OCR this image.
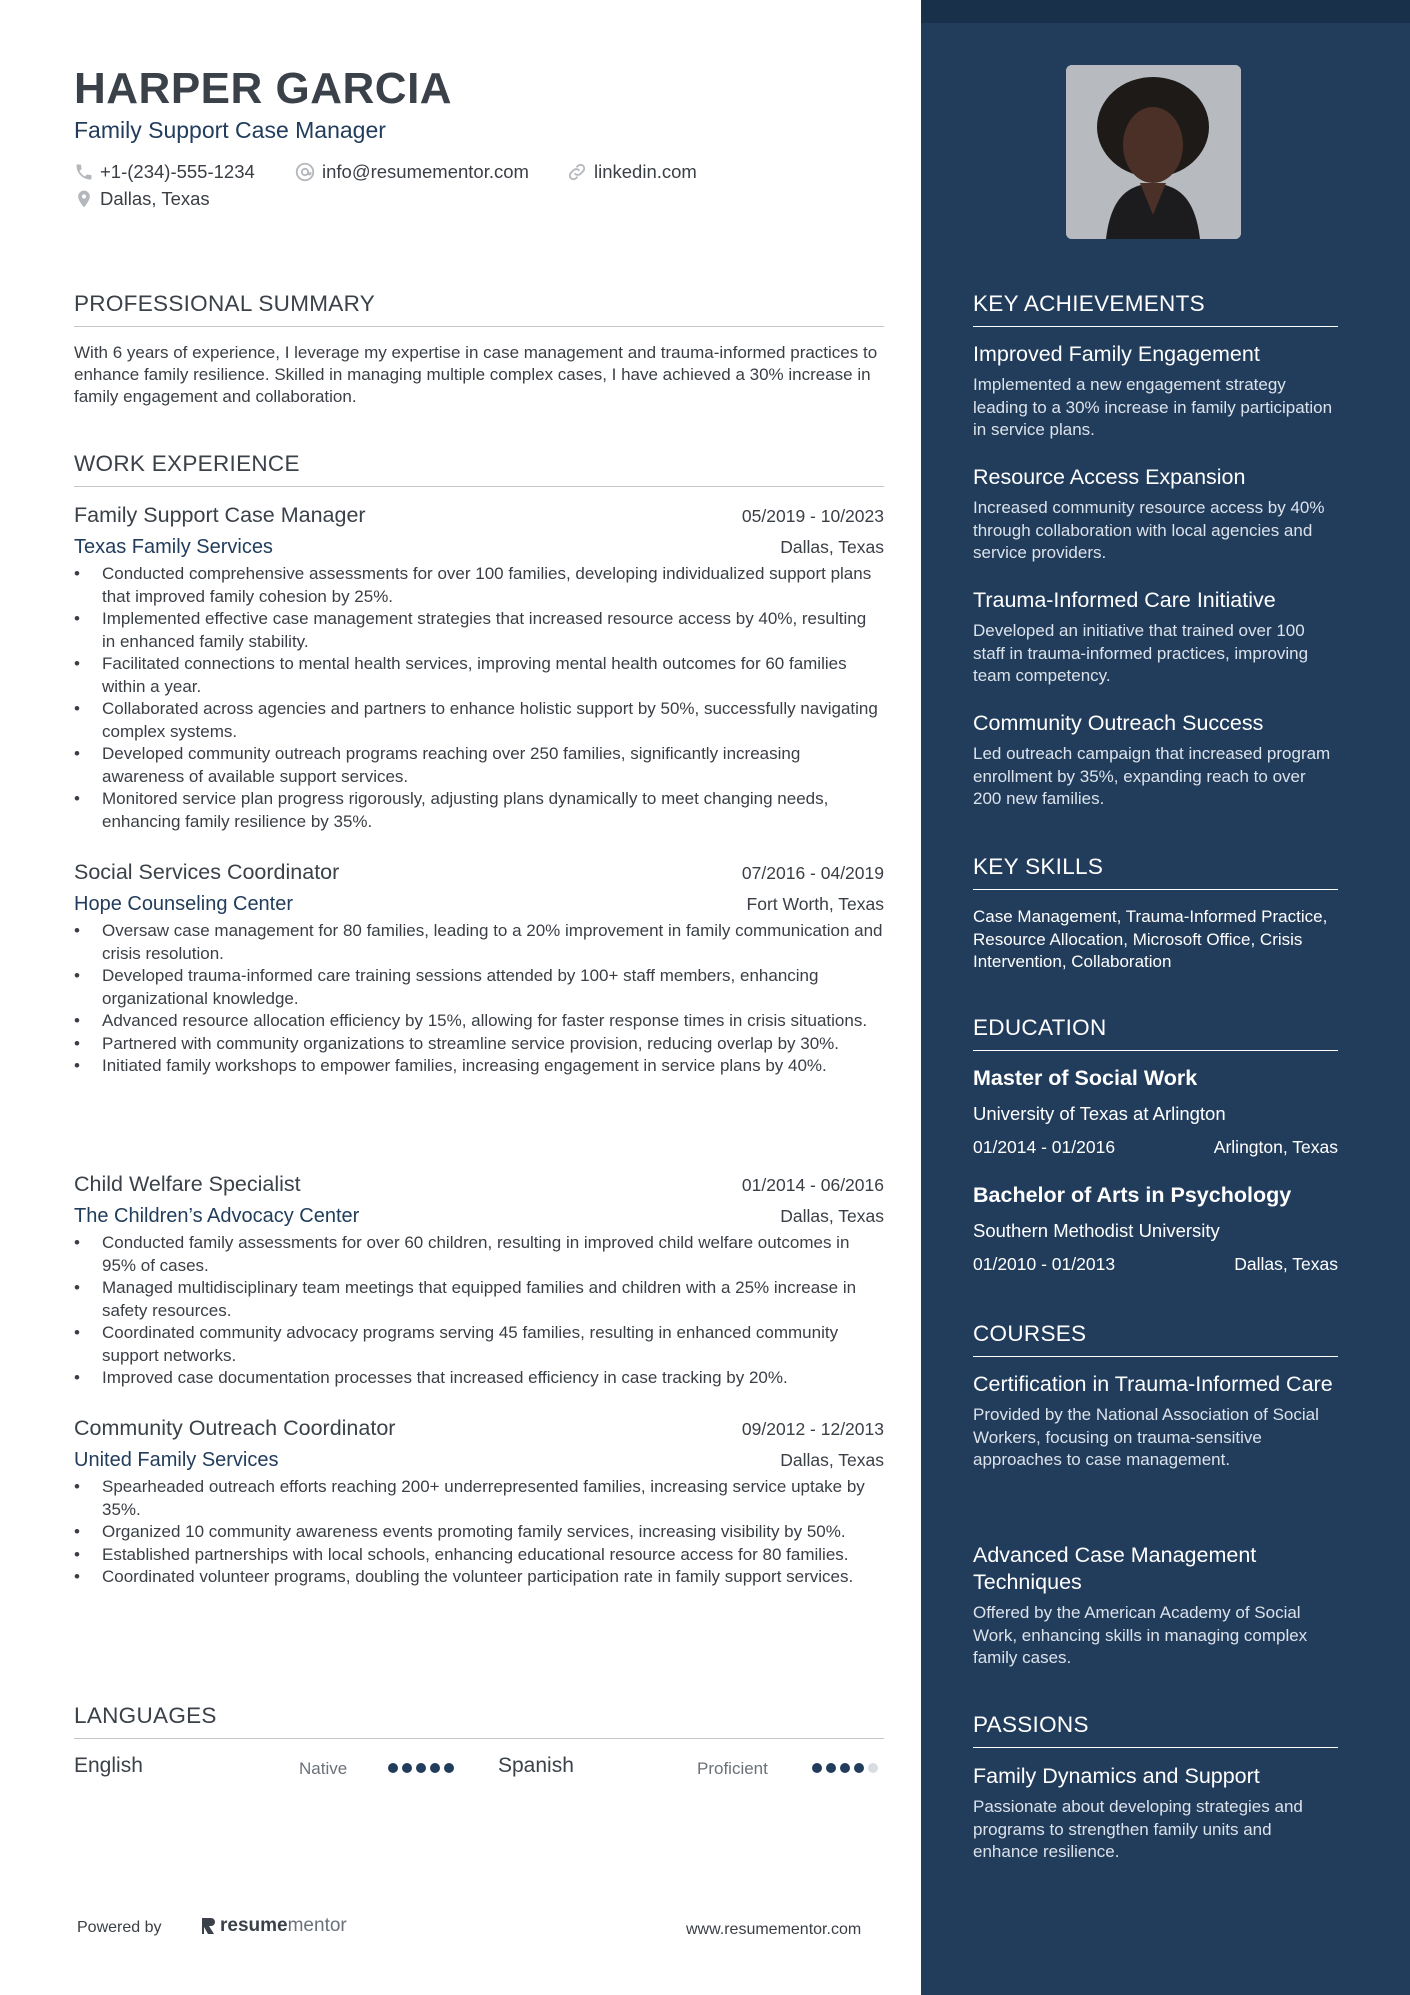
HARPER GARCIA
Family Support Case Manager
+1-(234)-555-1234	info@resumementor.com	linkedin.com
Dallas, Texas
PROFESSIONAL SUMMARY
With 6 years of experience, I leverage my expertise in case management and trauma-informed practices to enhance family resilience. Skilled in managing multiple complex cases, I have achieved a 30% increase in family engagement and collaboration.
WORK EXPERIENCE
Family Support Case Manager	05/2019 - 10/2023
Texas Family Services	Dallas, Texas
• Conducted comprehensive assessments for over 100 families, developing individualized support plans that improved family cohesion by 25%.
• Implemented effective case management strategies that increased resource access by 40%, resulting in enhanced family stability.
• Facilitated connections to mental health services, improving mental health outcomes for 60 families within a year.
• Collaborated across agencies and partners to enhance holistic support by 50%, successfully navigating complex systems.
• Developed community outreach programs reaching over 250 families, significantly increasing awareness of available support services.
• Monitored service plan progress rigorously, adjusting plans dynamically to meet changing needs, enhancing family resilience by 35%.
Social Services Coordinator	07/2016 - 04/2019
Hope Counseling Center	Fort Worth, Texas
• Oversaw case management for 80 families, leading to a 20% improvement in family communication and crisis resolution.
• Developed trauma-informed care training sessions attended by 100+ staff members, enhancing organizational knowledge.
• Advanced resource allocation efficiency by 15%, allowing for faster response times in crisis situations.
• Partnered with community organizations to streamline service provision, reducing overlap by 30%.
• Initiated family workshops to empower families, increasing engagement in service plans by 40%.
Child Welfare Specialist	01/2014 - 06/2016
The Children’s Advocacy Center	Dallas, Texas
• Conducted family assessments for over 60 children, resulting in improved child welfare outcomes in 95% of cases.
• Managed multidisciplinary team meetings that equipped families and children with a 25% increase in safety resources.
• Coordinated community advocacy programs serving 45 families, resulting in enhanced community support networks.
• Improved case documentation processes that increased efficiency in case tracking by 20%.
Community Outreach Coordinator	09/2012 - 12/2013
United Family Services	Dallas, Texas
• Spearheaded outreach efforts reaching 200+ underrepresented families, increasing service uptake by 35%.
• Organized 10 community awareness events promoting family services, increasing visibility by 50%.
• Established partnerships with local schools, enhancing educational resource access for 80 families.
• Coordinated volunteer programs, doubling the volunteer participation rate in family support services.
LANGUAGES
English	Native	Spanish	Proficient
Powered by	resume mentor	www.resumementor.com
KEY ACHIEVEMENTS
Improved Family Engagement
Implemented a new engagement strategy leading to a 30% increase in family participation in service plans.
Resource Access Expansion
Increased community resource access by 40% through collaboration with local agencies and service providers.
Trauma-Informed Care Initiative
Developed an initiative that trained over 100 staff in trauma-informed practices, improving team competency.
Community Outreach Success
Led outreach campaign that increased program enrollment by 35%, expanding reach to over 200 new families.
KEY SKILLS
Case Management, Trauma-Informed Practice, Resource Allocation, Microsoft Office, Crisis Intervention, Collaboration
EDUCATION
Master of Social Work
University of Texas at Arlington
01/2014 - 01/2016	Arlington, Texas
Bachelor of Arts in Psychology
Southern Methodist University
01/2010 - 01/2013	Dallas, Texas
COURSES
Certification in Trauma-Informed Care
Provided by the National Association of Social Workers, focusing on trauma-sensitive approaches to case management.
Advanced Case Management Techniques
Offered by the American Academy of Social Work, enhancing skills in managing complex family cases.
PASSIONS
Family Dynamics and Support
Passionate about developing strategies and programs to strengthen family units and enhance resilience.
